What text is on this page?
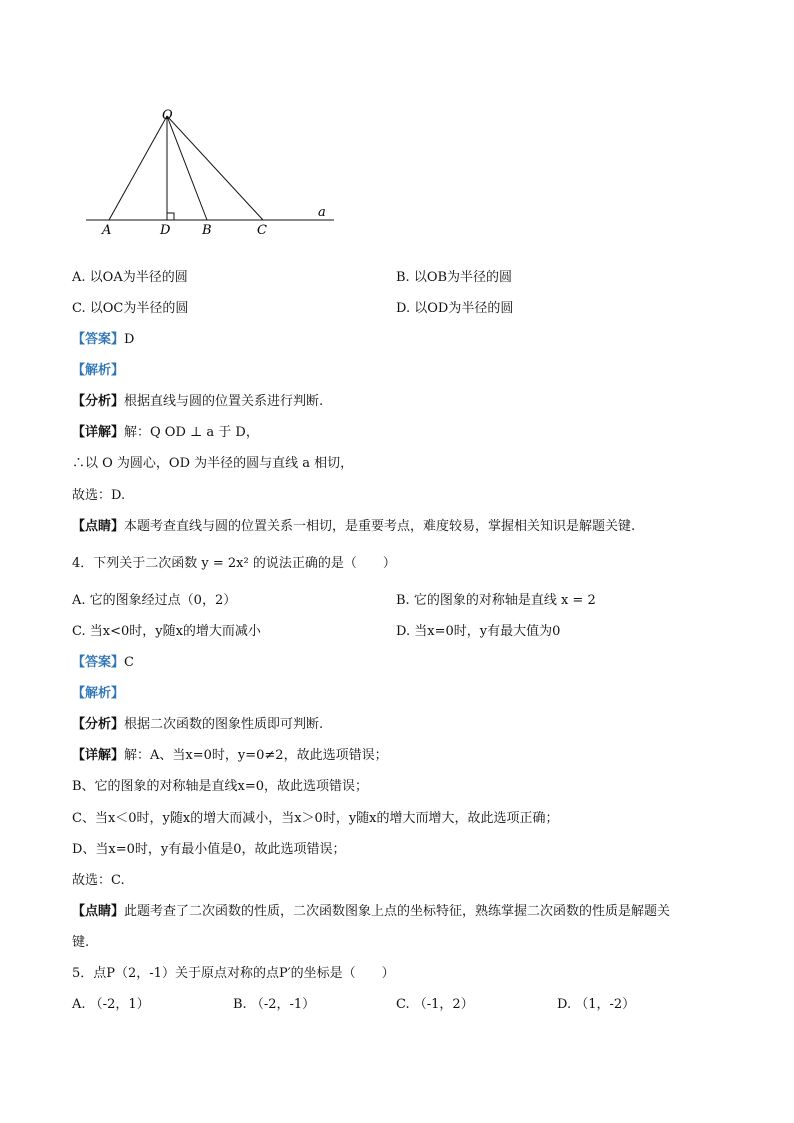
O
A	D B	C
a
A. 以OA为半径的圆	B. 以OB为半径的圆
C. 以OC为半径的圆	D. 以OD为半径的圆
【答案】D
【解析】
【分析】根据直线与圆的位置关系进行判断.
【详解】解：Q OD ⊥ a 于 D，
∴以 O 为圆心，OD 为半径的圆与直线 a 相切，
故选：D.
【点睛】本题考查直线与圆的位置关系一相切，是重要考点，难度较易，掌握相关知识是解题关键.
4．下列关于二次函数 y = 2x² 的说法正确的是（　　）
A. 它的图象经过点（0，2）	B. 它的图象的对称轴是直线 x = 2
C. 当x<0时，y随x的增大而减小	D. 当x=0时，y有最大值为0
【答案】C
【解析】
【分析】根据二次函数的图象性质即可判断.
【详解】解：A、当x=0时，y=0≠2，故此选项错误；
B、它的图象的对称轴是直线x=0，故此选项错误；
C、当x＜0时，y随x的增大而减小，当x＞0时，y随x的增大而增大，故此选项正确；
D、当x=0时，y有最小值是0，故此选项错误；
故选：C.
【点睛】此题考查了二次函数的性质，二次函数图象上点的坐标特征，熟练掌握二次函数的性质是解题关
键.
5．点P（2，-1）关于原点对称的点P′的坐标是（　　）
A. （-2，1）	B. （-2，-1）	C. （-1，2）	D. （1，-2）
